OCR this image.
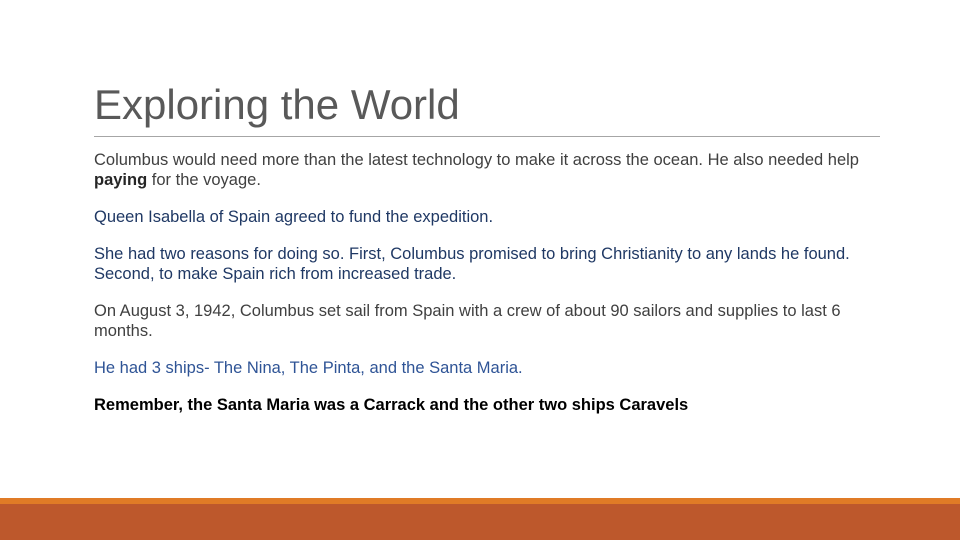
Exploring the World

Columbus would need more than the latest technology to make it across the ocean. He also needed help paying for the voyage.

Queen Isabella of Spain agreed to fund the expedition.

She had two reasons for doing so. First, Columbus promised to bring Christianity to any lands he found. Second, to make Spain rich from increased trade.

On August 3, 1942, Columbus set sail from Spain with a crew of about 90 sailors and supplies to last 6 months.

He had 3 ships- The Nina, The Pinta, and the Santa Maria.

Remember, the Santa Maria was a Carrack and the other two ships Caravels
